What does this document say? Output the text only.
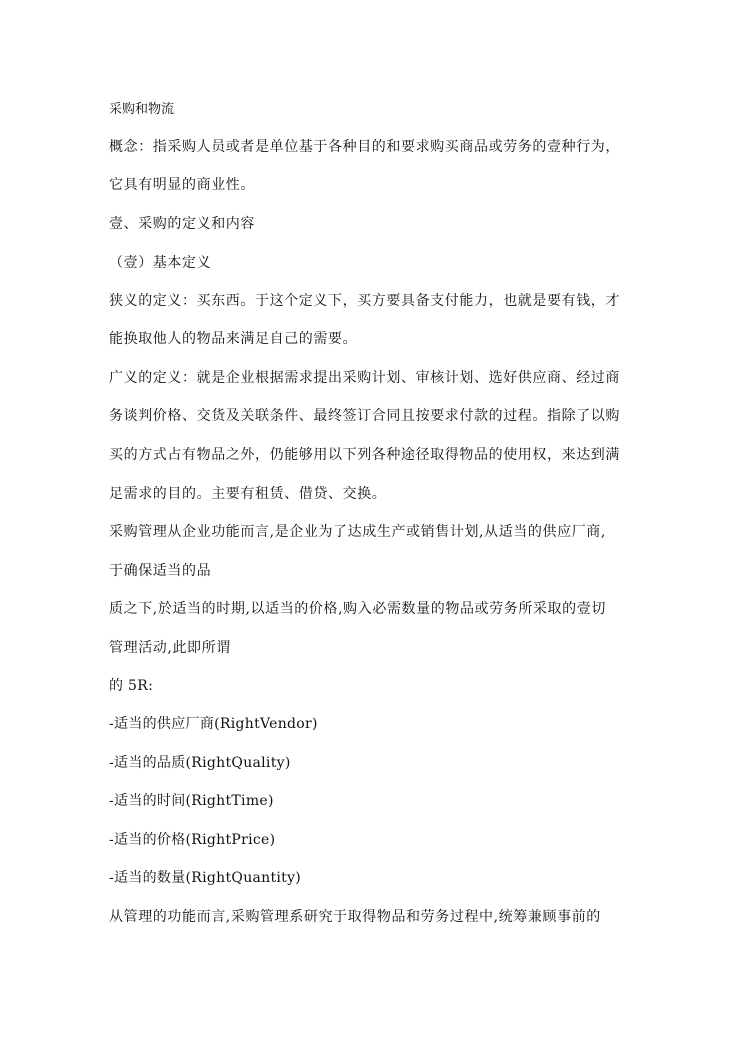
采购和物流
概念：指采购人员或者是单位基于各种目的和要求购买商品或劳务的壹种行为，
它具有明显的商业性。
壹、采购的定义和内容
（壹）基本定义
狭义的定义：买东西。于这个定义下，买方要具备支付能力，也就是要有钱，才
能换取他人的物品来满足自己的需要。
广义的定义：就是企业根据需求提出采购计划、审核计划、选好供应商、经过商
务谈判价格、交货及关联条件、最终签订合同且按要求付款的过程。指除了以购
买的方式占有物品之外，仍能够用以下列各种途径取得物品的使用权，来达到满
足需求的目的。主要有租赁、借贷、交换。
采购管理从企业功能而言,是企业为了达成生产或销售计划,从适当的供应厂商,
于确保适当的品
质之下,於适当的时期,以适当的价格,购入必需数量的物品或劳务所采取的壹切
管理活动,此即所谓
的 5R:
-适当的供应厂商(RightVendor)
-适当的品质(RightQuality)
-适当的时间(RightTime)
-适当的价格(RightPrice)
-适当的数量(RightQuantity)
从管理的功能而言,采购管理系研究于取得物品和劳务过程中,统筹兼顾事前的
